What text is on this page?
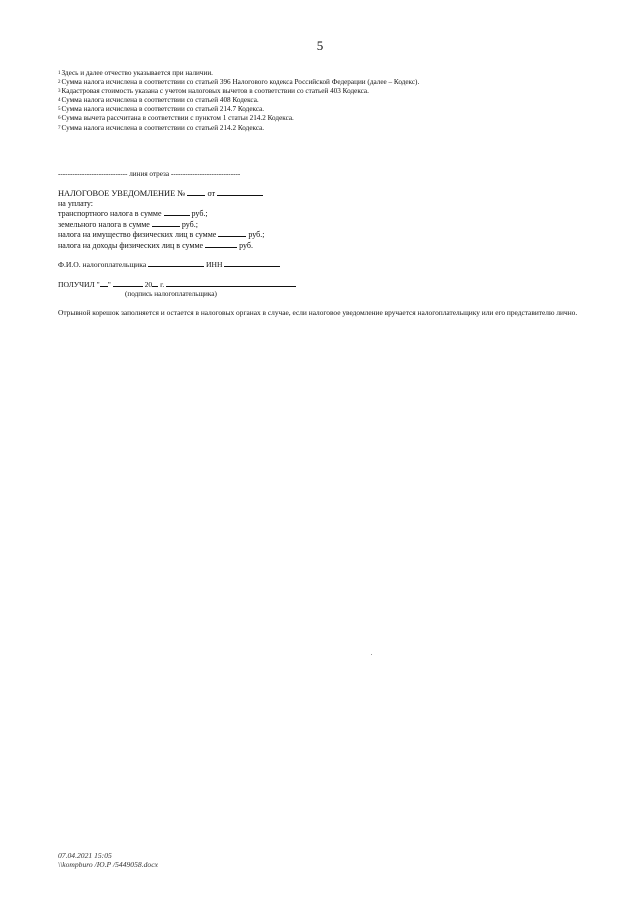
5
$^1$Здесь и далее отчество указывается при наличии.
$^2$Сумма налога исчислена в соответствии со статьей 396 Налогового кодекса Российской Федерации (далее – Кодекс).
$^3$Кадастровая стоимость указана с учетом налоговых вычетов в соответствии со статьей 403 Кодекса.
$^4$Сумма налога исчислена в соответствии со статьей 408 Кодекса.
$^5$Сумма налога исчислена в соответствии со статьей 214.7 Кодекса.
$^6$Сумма вычета рассчитана в соответствии с пунктом 1 статьи 214.2 Кодекса.
$^7$Сумма налога исчислена в соответствии со статьей 214.2 Кодекса.
----------------------------- линия отреза -----------------------------
НАЛОГОВОЕ УВЕДОМЛЕНИЕ №	от
на уплату:
транспортного налога в сумме	руб.;
земельного налога в сумме	руб.;
налога на имущество физических лиц в сумме	руб.;
налога на доходы физических лиц в сумме	руб.
Ф.И.О. налогоплательщика	ИНН
ПОЛУЧИЛ " "	20 г.
(подпись налогоплательщика)
Отрывной корешок заполняется и остается в налоговых органах в случае, если налоговое уведомление вручается налогоплательщику или его представителю лично.
07.04.2021 15:05
\\kompburo /Ю.Р /5449058.docx
